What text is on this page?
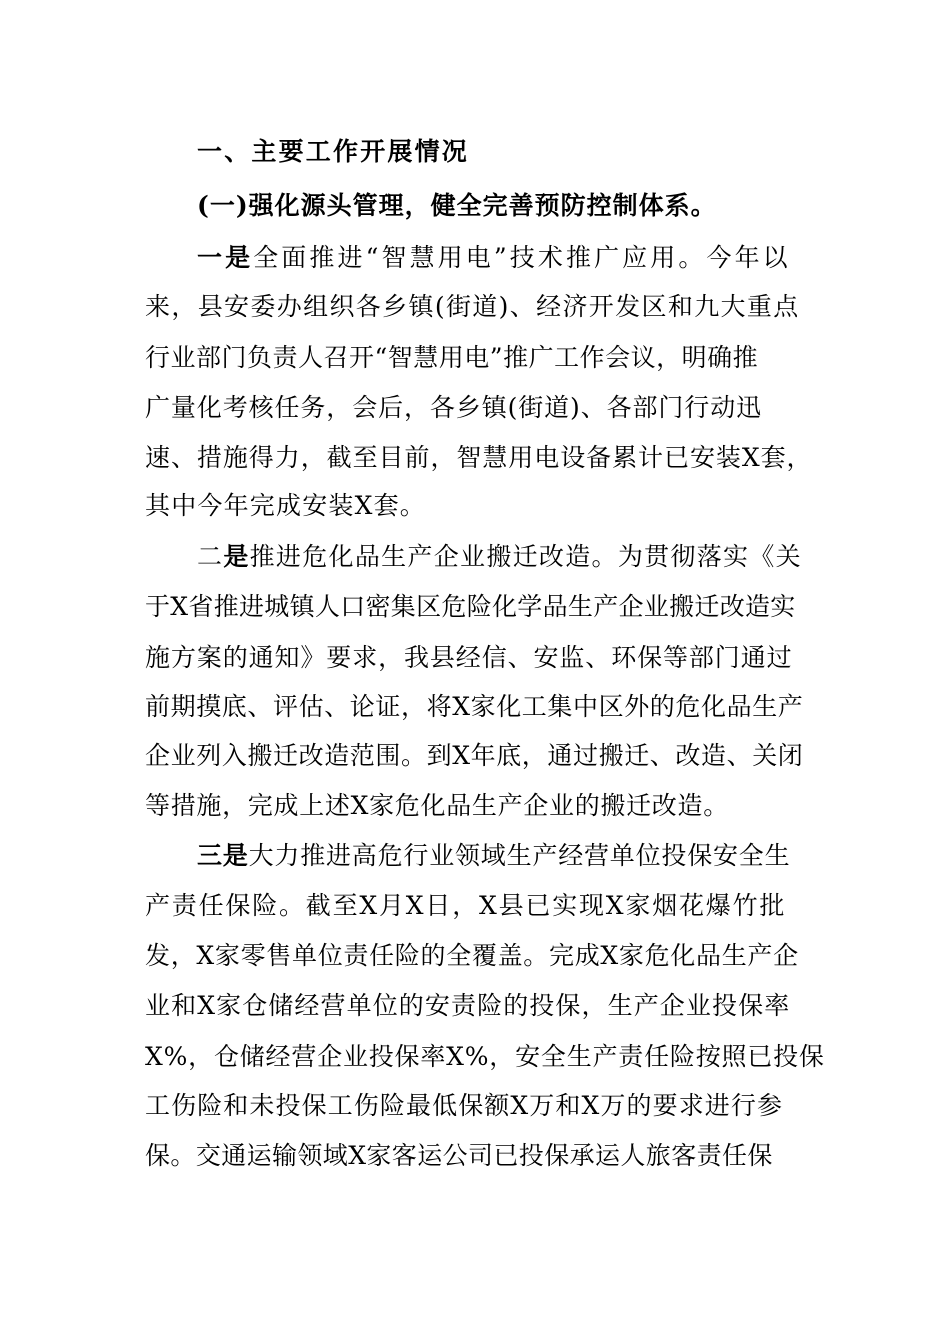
一、主要工作开展情况
(一)强化源头管理，健全完善预防控制体系。
一是全面推进“智慧用电”技术推广应用。今年以
来，县安委办组织各乡镇(街道)、经济开发区和九大重点
行业部门负责人召开“智慧用电”推广工作会议，明确推
广量化考核任务，会后，各乡镇(街道)、各部门行动迅
速、措施得力，截至目前，智慧用电设备累计已安装X套，
其中今年完成安装X套。
二是推进危化品生产企业搬迁改造。为贯彻落实《关
于X省推进城镇人口密集区危险化学品生产企业搬迁改造实
施方案的通知》要求，我县经信、安监、环保等部门通过
前期摸底、评估、论证，将X家化工集中区外的危化品生产
企业列入搬迁改造范围。到X年底，通过搬迁、改造、关闭
等措施，完成上述X家危化品生产企业的搬迁改造。
三是大力推进高危行业领域生产经营单位投保安全生
产责任保险。截至X月X日，X县已实现X家烟花爆竹批
发，X家零售单位责任险的全覆盖。完成X家危化品生产企
业和X家仓储经营单位的安责险的投保，生产企业投保率
X%，仓储经营企业投保率X%，安全生产责任险按照已投保
工伤险和未投保工伤险最低保额X万和X万的要求进行参
保。交通运输领域X家客运公司已投保承运人旅客责任保
